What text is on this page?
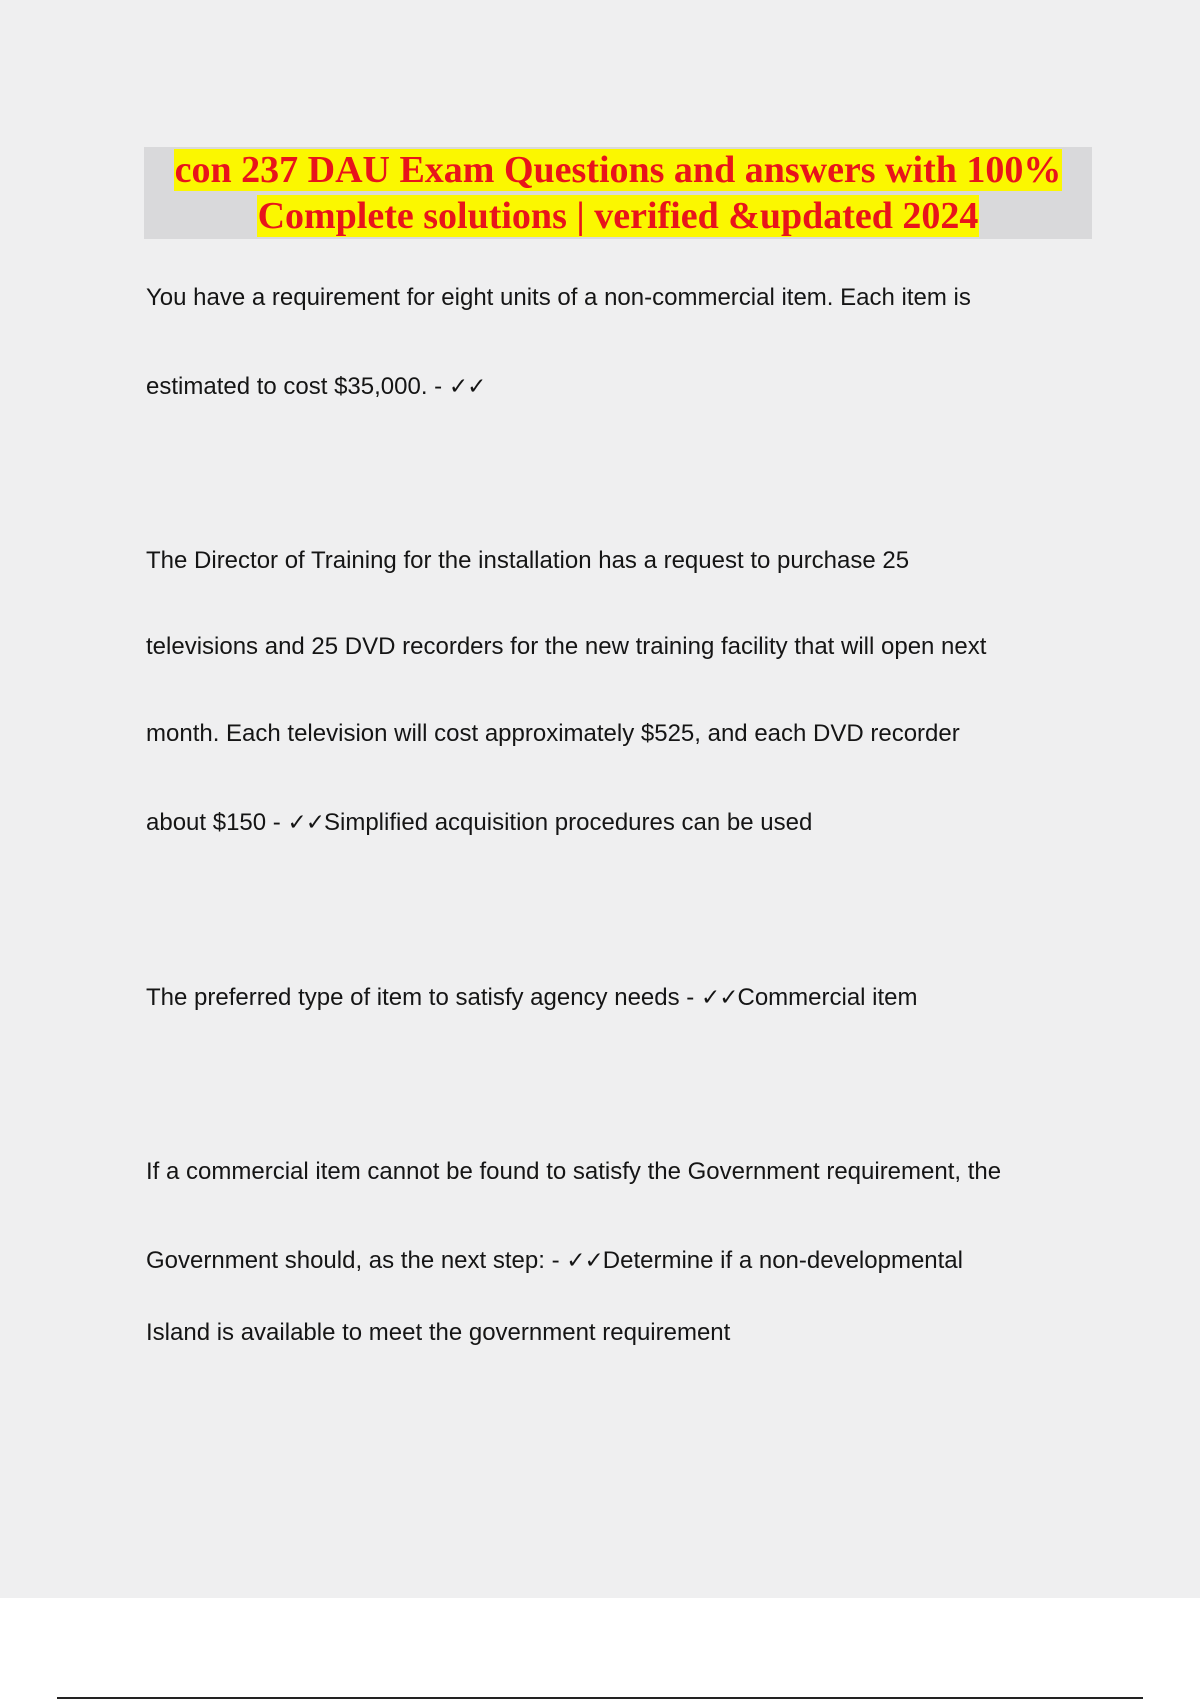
con 237 DAU Exam Questions and answers with 100%
Complete solutions | verified &updated 2024
You have a requirement for eight units of a non-commercial item. Each item is
estimated to cost $35,000. - ✓✓
The Director of Training for the installation has a request to purchase 25
televisions and 25 DVD recorders for the new training facility that will open next
month. Each television will cost approximately $525, and each DVD recorder
about $150 - ✓✓Simplified acquisition procedures can be used
The preferred type of item to satisfy agency needs - ✓✓Commercial item
If a commercial item cannot be found to satisfy the Government requirement, the
Government should, as the next step: - ✓✓Determine if a non-developmental
Island is available to meet the government requirement
